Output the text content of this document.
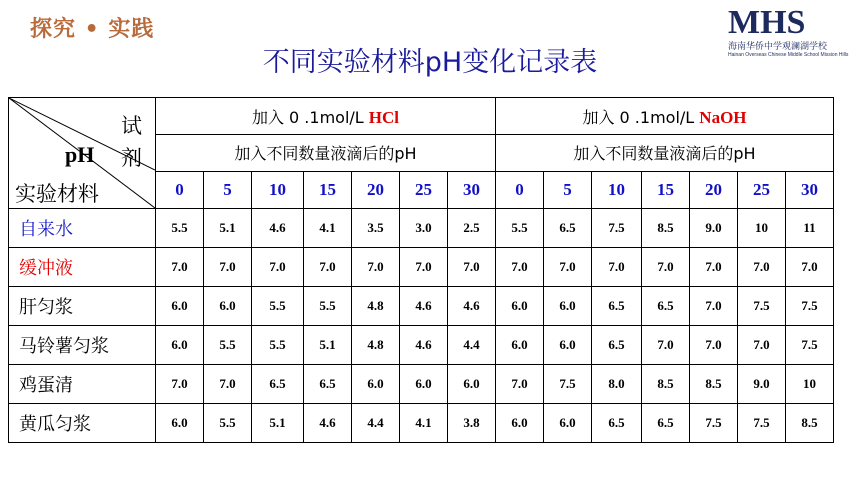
探究 • 实践
不同实验材料pH变化记录表
MHS
海南华侨中学观澜湖学校
Hainan Overseas Chinese Middle School Mission Hills
试
剂
pH
实验材料	加入 0 .1mol/L HCl							加入 0 .1mol/L NaOH						
	加入不同数量液滴后的pH							加入不同数量液滴后的pH						
	0	5	10	15	20	25	30	0	5	10	15	20	25	30
自来水	5.5	5.1	4.6	4.1	3.5	3.0	2.5	5.5	6.5	7.5	8.5	9.0	10	11
缓冲液	7.0	7.0	7.0	7.0	7.0	7.0	7.0	7.0	7.0	7.0	7.0	7.0	7.0	7.0
肝匀浆	6.0	6.0	5.5	5.5	4.8	4.6	4.6	6.0	6.0	6.5	6.5	7.0	7.5	7.5
马铃薯匀浆	6.0	5.5	5.5	5.1	4.8	4.6	4.4	6.0	6.0	6.5	7.0	7.0	7.0	7.5
鸡蛋清	7.0	7.0	6.5	6.5	6.0	6.0	6.0	7.0	7.5	8.0	8.5	8.5	9.0	10
黄瓜匀浆	6.0	5.5	5.1	4.6	4.4	4.1	3.8	6.0	6.0	6.5	6.5	7.5	7.5	8.5
